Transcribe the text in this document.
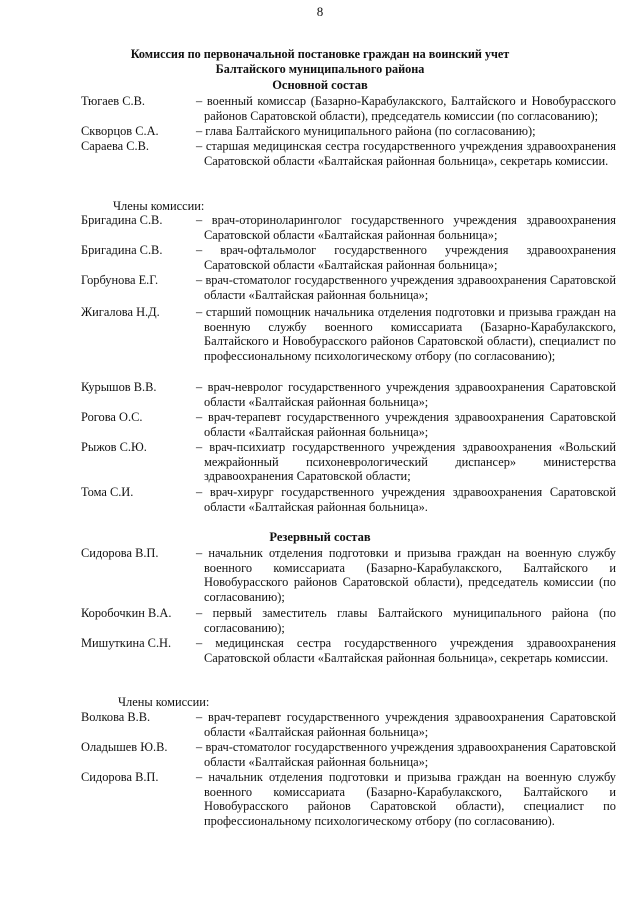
8
Комиссия по первоначальной постановке граждан на воинский учет
Балтайского муниципального района
Основной состав
Тюгаев С.В.	– военный комиссар (Базарно-Карабулакского, Балтайского и Новобурасского районов Саратовской области), председатель комиссии (по согласованию);
Скворцов С.А.	– глава Балтайского муниципального района (по согласованию);
Сараева С.В.	– старшая медицинская сестра государственного учреждения здравоохранения Саратовской области «Балтайская районная больница», секретарь комиссии.
Члены комиссии:
Бригадина С.В.	– врач-оториноларинголог государственного учреждения здравоохранения Саратовской области «Балтайская районная больница»;
Бригадина С.В.	– врач-офтальмолог государственного учреждения здравоохранения Саратовской области «Балтайская районная больница»;
Горбунова Е.Г.	– врач-стоматолог государственного учреждения здравоохранения Саратовской области «Балтайская районная больница»;
Жигалова Н.Д.	– старший помощник начальника отделения подготовки и призыва граждан на военную службу военного комиссариата (Базарно-Карабулакского, Балтайского и Новобурасского районов Саратовской области), специалист по профессиональному психологическому отбору (по согласованию);
Курышов В.В.	– врач-невролог государственного учреждения здравоохранения Саратовской области «Балтайская районная больница»;
Рогова О.С.	– врач-терапевт государственного учреждения здравоохранения Саратовской области «Балтайская районная больница»;
Рыжов С.Ю.	– врач-психиатр государственного учреждения здравоохранения «Вольский межрайонный психоневрологический диспансер» министерства здравоохранения Саратовской области;
Тома С.И.	– врач-хирург государственного учреждения здравоохранения Саратовской области «Балтайская районная больница».
Резервный состав
Сидорова В.П.	– начальник отделения подготовки и призыва граждан на военную службу военного комиссариата (Базарно-Карабулакского, Балтайского и Новобурасского районов Саратовской области), председатель комиссии (по согласованию);
Коробочкин В.А. – первый заместитель главы Балтайского муниципального района (по согласованию);
Мишуткина С.Н. – медицинская сестра государственного учреждения здравоохранения Саратовской области «Балтайская районная больница», секретарь комиссии.
Члены комиссии:
Волкова В.В.	– врач-терапевт государственного учреждения здравоохранения Саратовской области «Балтайская районная больница»;
Оладышев Ю.В. – врач-стоматолог государственного учреждения здравоохранения Саратовской области «Балтайская районная больница»;
Сидорова В.П.	– начальник отделения подготовки и призыва граждан на военную службу военного комиссариата (Базарно-Карабулакского, Балтайского и Новобурасского районов Саратовской области), специалист по профессиональному психологическому отбору (по согласованию).
